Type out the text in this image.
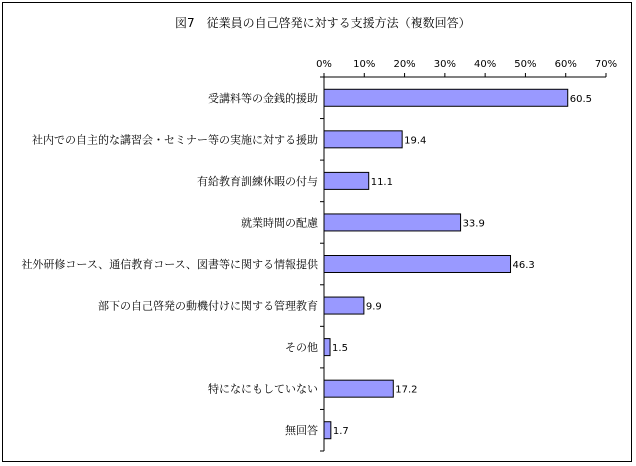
図7　従業員の自己啓発に対する支援方法（複数回答）
0% 10% 20% 30% 40% 50% 60% 70%
受講料等の金銭的援助	60.5
社内での自主的な講習会・セミナー等の実施に対する援助	19.4
有給教育訓練休暇の付与	11.1
就業時間の配慮	33.9
社外研修コース、通信教育コース、図書等に関する情報提供	46.3
部下の自己啓発の動機付けに関する管理教育	9.9
その他 1.5
特になにもしていない	17.2
無回答 1.7
